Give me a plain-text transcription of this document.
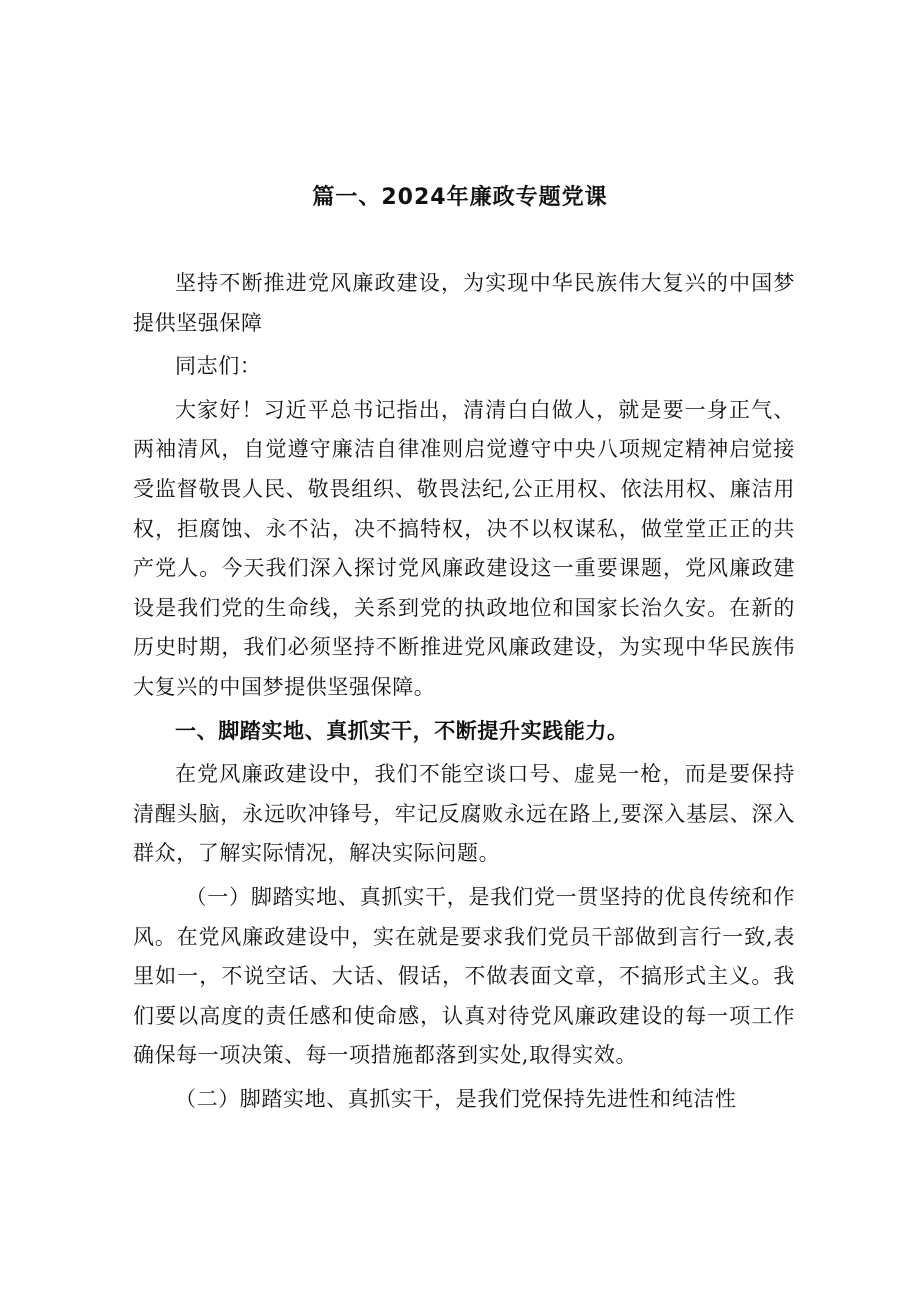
篇一、2024年廉政专题党课

坚持不断推进党风廉政建设，为实现中华民族伟大复兴的中国梦提供坚强保障

同志们：

大家好！习近平总书记指出，清清白白做人，就是要一身正气、两袖清风，自觉遵守廉洁自律准则启觉遵守中央八项规定精神启觉接受监督敬畏人民、敬畏组织、敬畏法纪,公正用权、依法用权、廉洁用权，拒腐蚀、永不沾，决不搞特权，决不以权谋私，做堂堂正正的共产党人。今天我们深入探讨党风廉政建设这一重要课题，党风廉政建设是我们党的生命线，关系到党的执政地位和国家长治久安。在新的历史时期，我们必须坚持不断推进党风廉政建设，为实现中华民族伟大复兴的中国梦提供坚强保障。

一、脚踏实地、真抓实干，不断提升实践能力。

在党风廉政建设中，我们不能空谈口号、虚晃一枪，而是要保持清醒头脑，永远吹冲锋号，牢记反腐败永远在路上,要深入基层、深入群众，了解实际情况，解决实际问题。

（一）脚踏实地、真抓实干，是我们党一贯坚持的优良传统和作风。在党风廉政建设中，实在就是要求我们党员干部做到言行一致,表里如一，不说空话、大话、假话，不做表面文章，不搞形式主义。我们要以高度的责任感和使命感，认真对待党风廉政建设的每一项工作确保每一项决策、每一项措施都落到实处,取得实效。

（二）脚踏实地、真抓实干，是我们党保持先进性和纯洁性
